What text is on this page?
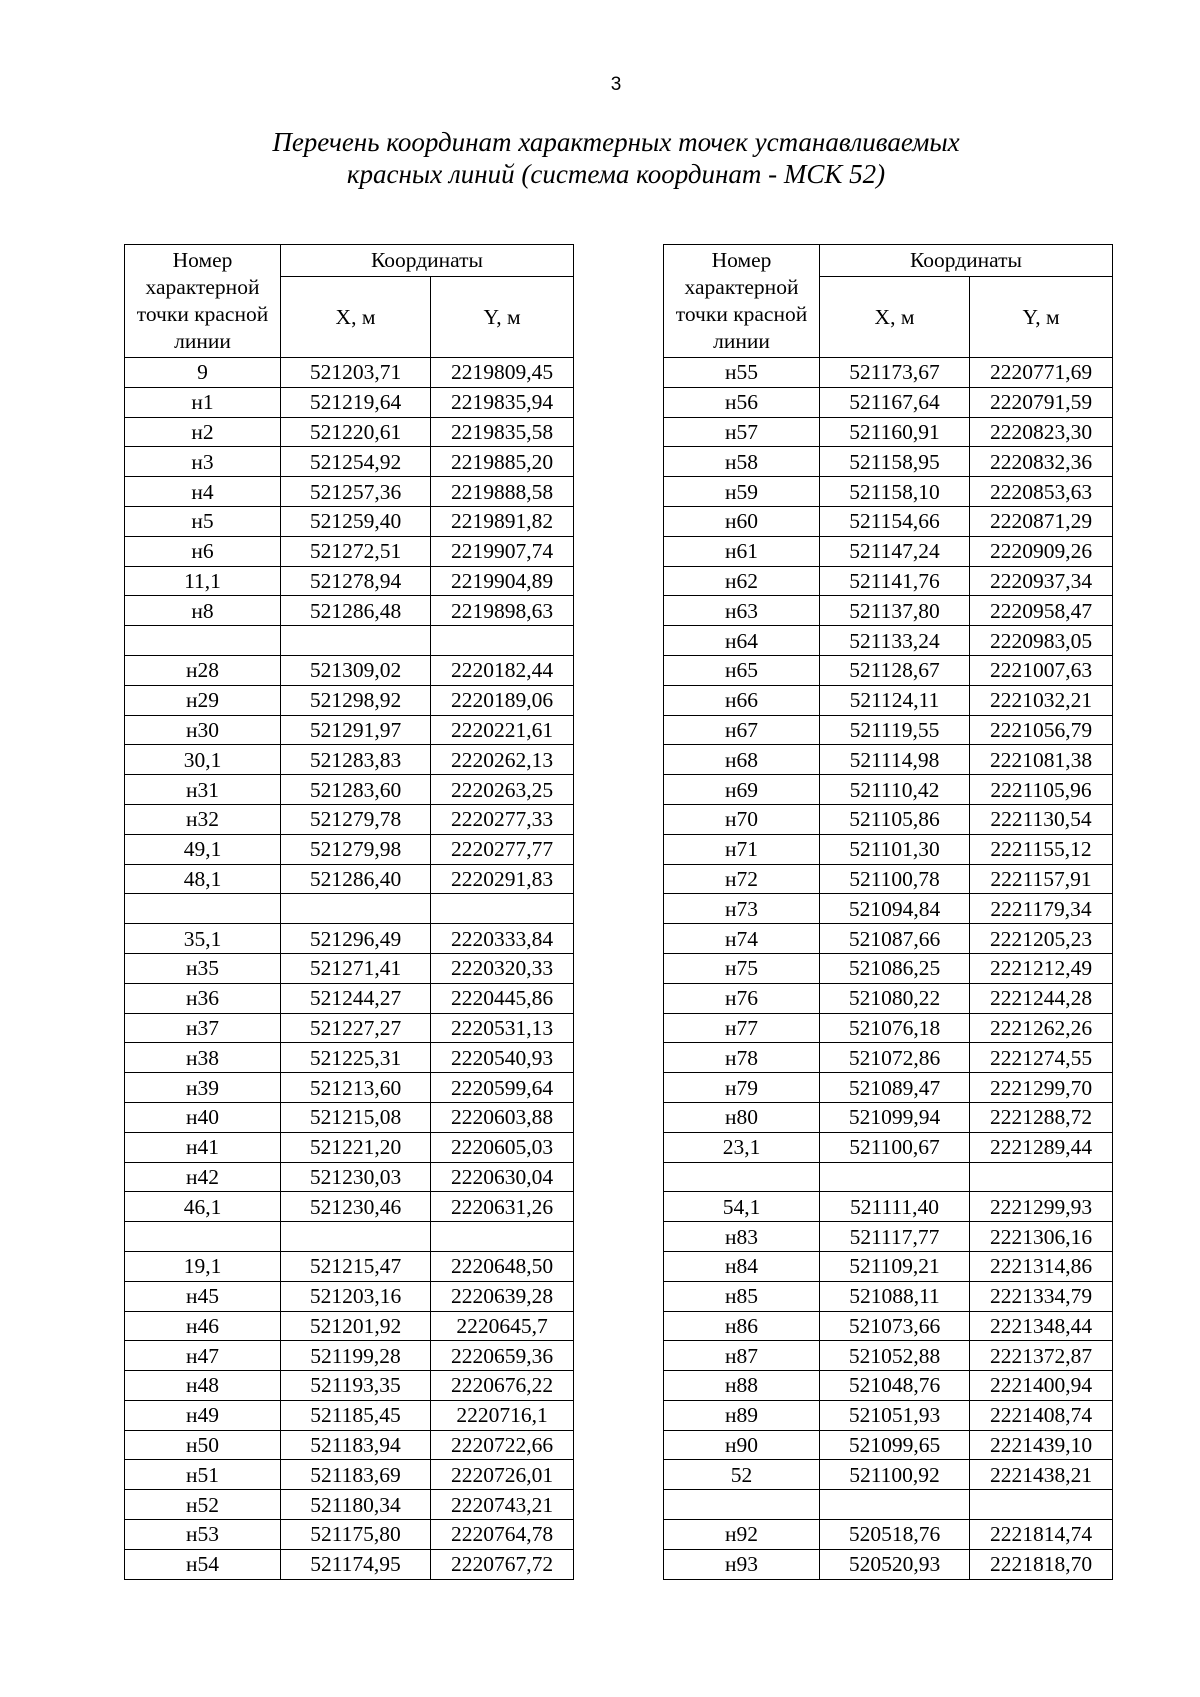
3
Перечень координат характерных точек устанавливаемых
красных линий (система координат - МСК 52)
Номер характерной точки красной линии	Координаты	
	X, м	Y, м
9	521203,71	2219809,45
н1	521219,64	2219835,94
н2	521220,61	2219835,58
н3	521254,92	2219885,20
н4	521257,36	2219888,58
н5	521259,40	2219891,82
н6	521272,51	2219907,74
11,1	521278,94	2219904,89
н8	521286,48	2219898,63

н28	521309,02	2220182,44
н29	521298,92	2220189,06
н30	521291,97	2220221,61
30,1	521283,83	2220262,13
н31	521283,60	2220263,25
н32	521279,78	2220277,33
49,1	521279,98	2220277,77
48,1	521286,40	2220291,83

35,1	521296,49	2220333,84
н35	521271,41	2220320,33
н36	521244,27	2220445,86
н37	521227,27	2220531,13
н38	521225,31	2220540,93
н39	521213,60	2220599,64
н40	521215,08	2220603,88
н41	521221,20	2220605,03
н42	521230,03	2220630,04
46,1	521230,46	2220631,26

19,1	521215,47	2220648,50
н45	521203,16	2220639,28
н46	521201,92	2220645,7
н47	521199,28	2220659,36
н48	521193,35	2220676,22
н49	521185,45	2220716,1
н50	521183,94	2220722,66
н51	521183,69	2220726,01
н52	521180,34	2220743,21
н53	521175,80	2220764,78
н54	521174,95	2220767,72
Номер характерной точки красной линии	Координаты	
	X, м	Y, м
н55	521173,67	2220771,69
н56	521167,64	2220791,59
н57	521160,91	2220823,30
н58	521158,95	2220832,36
н59	521158,10	2220853,63
н60	521154,66	2220871,29
н61	521147,24	2220909,26
н62	521141,76	2220937,34
н63	521137,80	2220958,47
н64	521133,24	2220983,05
н65	521128,67	2221007,63
н66	521124,11	2221032,21
н67	521119,55	2221056,79
н68	521114,98	2221081,38
н69	521110,42	2221105,96
н70	521105,86	2221130,54
н71	521101,30	2221155,12
н72	521100,78	2221157,91
н73	521094,84	2221179,34
н74	521087,66	2221205,23
н75	521086,25	2221212,49
н76	521080,22	2221244,28
н77	521076,18	2221262,26
н78	521072,86	2221274,55
н79	521089,47	2221299,70
н80	521099,94	2221288,72
23,1	521100,67	2221289,44

54,1	521111,40	2221299,93
н83	521117,77	2221306,16
н84	521109,21	2221314,86
н85	521088,11	2221334,79
н86	521073,66	2221348,44
н87	521052,88	2221372,87
н88	521048,76	2221400,94
н89	521051,93	2221408,74
н90	521099,65	2221439,10
52	521100,92	2221438,21

н92	520518,76	2221814,74
н93	520520,93	2221818,70
